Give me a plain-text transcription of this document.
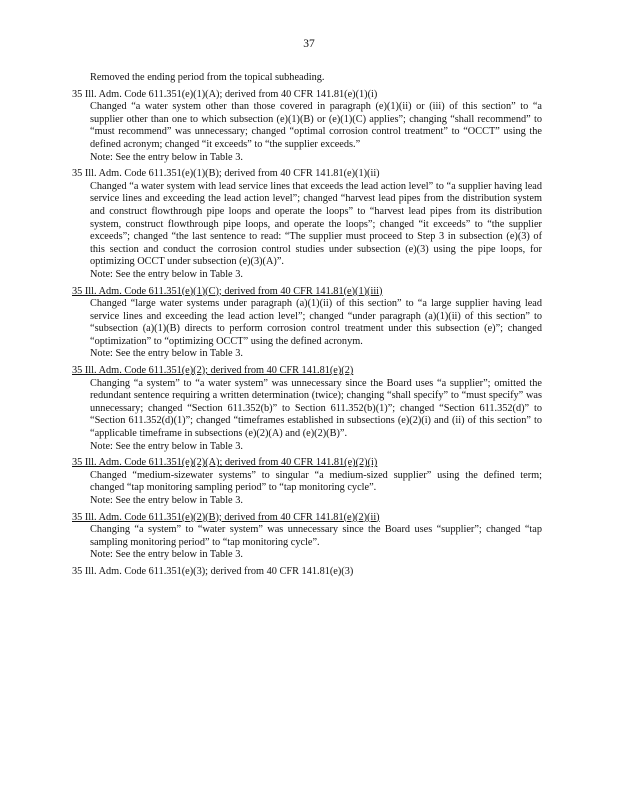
37

Removed the ending period from the topical subheading.

35 Ill. Adm. Code 611.351(e)(1)(A); derived from 40 CFR 141.81(e)(1)(i)

Changed “a water system other than those covered in paragraph (e)(1)(ii) or (iii) of this section” to “a supplier other than one to which subsection (e)(1)(B) or (e)(1)(C) applies”; changing “shall recommend” to “must recommend” was unnecessary; changed “optimal corrosion control treatment” to “OCCT” using the defined acronym; changed “it exceeds” to “the supplier exceeds.”

Note: See the entry below in Table 3.

35 Ill. Adm. Code 611.351(e)(1)(B); derived from 40 CFR 141.81(e)(1)(ii)

Changed “a water system with lead service lines that exceeds the lead action level” to “a supplier having lead service lines and exceeding the lead action level”; changed “harvest lead pipes from the distribution system and construct flowthrough pipe loops and operate the loops” to “harvest lead pipes from its distribution system, construct flowthrough pipe loops, and operate the loops”; changed “it exceeds” to “the supplier exceeds”; changed “the last sentence to read: “The supplier must proceed to Step 3 in subsection (e)(3) of this section and conduct the corrosion control studies under subsection (e)(3) using the pipe loops, for optimizing OCCT under subsection (e)(3)(A)”.

Note: See the entry below in Table 3.

35 Ill. Adm. Code 611.351(e)(1)(C); derived from 40 CFR 141.81(e)(1)(iii)

Changed “large water systems under paragraph (a)(1)(ii) of this section” to “a large supplier having lead service lines and exceeding the lead action level”; changed “under paragraph (a)(1)(ii) of this section” to “subsection (a)(1)(B) directs to perform corrosion control treatment under this subsection (e)”; changed “optimization” to “optimizing OCCT” using the defined acronym.

Note: See the entry below in Table 3.

35 Ill. Adm. Code 611.351(e)(2); derived from 40 CFR 141.81(e)(2)

Changing “a system” to “a water system” was unnecessary since the Board uses “a supplier”; omitted the redundant sentence requiring a written determination (twice); changing “shall specify” to “must specify” was unnecessary; changed “Section 611.352(b)” to Section 611.352(b)(1)”; changed “Section 611.352(d)” to “Section 611.352(d)(1)”; changed “timeframes established in subsections (e)(2)(i) and (ii) of this section” to “applicable timeframe in subsections (e)(2)(A) and (e)(2)(B)”.

Note: See the entry below in Table 3.

35 Ill. Adm. Code 611.351(e)(2)(A); derived from 40 CFR 141.81(e)(2)(i)

Changed “medium-sizewater systems” to singular “a medium-sized supplier” using the defined term; changed “tap monitoring sampling period” to “tap monitoring cycle”.

Note: See the entry below in Table 3.

35 Ill. Adm. Code 611.351(e)(2)(B); derived from 40 CFR 141.81(e)(2)(ii)

Changing “a system” to “water system” was unnecessary since the Board uses “supplier”; changed “tap sampling monitoring period” to “tap monitoring cycle”.

Note: See the entry below in Table 3.

35 Ill. Adm. Code 611.351(e)(3); derived from 40 CFR 141.81(e)(3)
